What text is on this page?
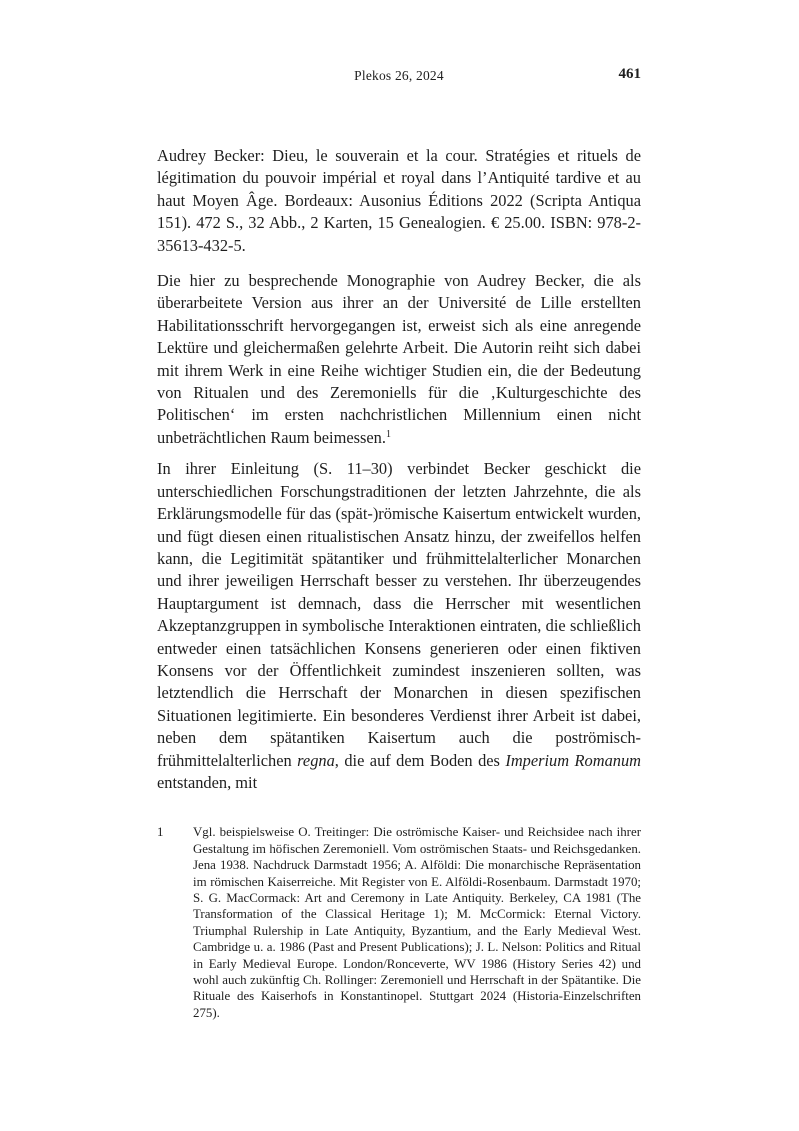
Plekos 26, 2024	461

Audrey Becker: Dieu, le souverain et la cour. Stratégies et rituels de légitimation du pouvoir impérial et royal dans l’Antiquité tardive et au haut Moyen Âge. Bordeaux: Ausonius Éditions 2022 (Scripta Antiqua 151). 472 S., 32 Abb., 2 Karten, 15 Genealogien. € 25.00. ISBN: 978-2-35613-432-5.

Die hier zu besprechende Monographie von Audrey Becker, die als überarbeitete Version aus ihrer an der Université de Lille erstellten Habilitationsschrift hervorgegangen ist, erweist sich als eine anregende Lektüre und gleichermaßen gelehrte Arbeit. Die Autorin reiht sich dabei mit ihrem Werk in eine Reihe wichtiger Studien ein, die der Bedeutung von Ritualen und des Zeremoniells für die ‚Kulturgeschichte des Politischen‘ im ersten nachchristlichen Millennium einen nicht unbeträchtlichen Raum beimessen.$^1$

In ihrer Einleitung (S. 11–30) verbindet Becker geschickt die unterschiedlichen Forschungstraditionen der letzten Jahrzehnte, die als Erklärungsmodelle für das (spät-)römische Kaisertum entwickelt wurden, und fügt diesen einen ritualistischen Ansatz hinzu, der zweifellos helfen kann, die Legitimität spätantiker und frühmittelalterlicher Monarchen und ihrer jeweiligen Herrschaft besser zu verstehen. Ihr überzeugendes Hauptargument ist demnach, dass die Herrscher mit wesentlichen Akzeptanzgruppen in symbolische Interaktionen eintraten, die schließlich entweder einen tatsächlichen Konsens generieren oder einen fiktiven Konsens vor der Öffentlichkeit zumindest inszenieren sollten, was letztendlich die Herrschaft der Monarchen in diesen spezifischen Situationen legitimierte. Ein besonderes Verdienst ihrer Arbeit ist dabei, neben dem spätantiken Kaisertum auch die poströmisch-frühmittelalterlichen regna, die auf dem Boden des Imperium Romanum entstanden, mit

1	Vgl. beispielsweise O. Treitinger: Die oströmische Kaiser- und Reichsidee nach ihrer Gestaltung im höfischen Zeremoniell. Vom oströmischen Staats- und Reichsgedanken. Jena 1938. Nachdruck Darmstadt 1956; A. Alföldi: Die monarchische Repräsentation im römischen Kaiserreiche. Mit Register von E. Alföldi-Rosenbaum. Darmstadt 1970; S. G. MacCormack: Art and Ceremony in Late Antiquity. Berkeley, CA 1981 (The Transformation of the Classical Heritage 1); M. McCormick: Eternal Victory. Triumphal Rulership in Late Antiquity, Byzantium, and the Early Medieval West. Cambridge u. a. 1986 (Past and Present Publications); J. L. Nelson: Politics and Ritual in Early Medieval Europe. London/Ronceverte, WV 1986 (History Series 42) und wohl auch zukünftig Ch. Rollinger: Zeremoniell und Herrschaft in der Spätantike. Die Rituale des Kaiserhofs in Konstantinopel. Stuttgart 2024 (Historia-Einzelschriften 275).
